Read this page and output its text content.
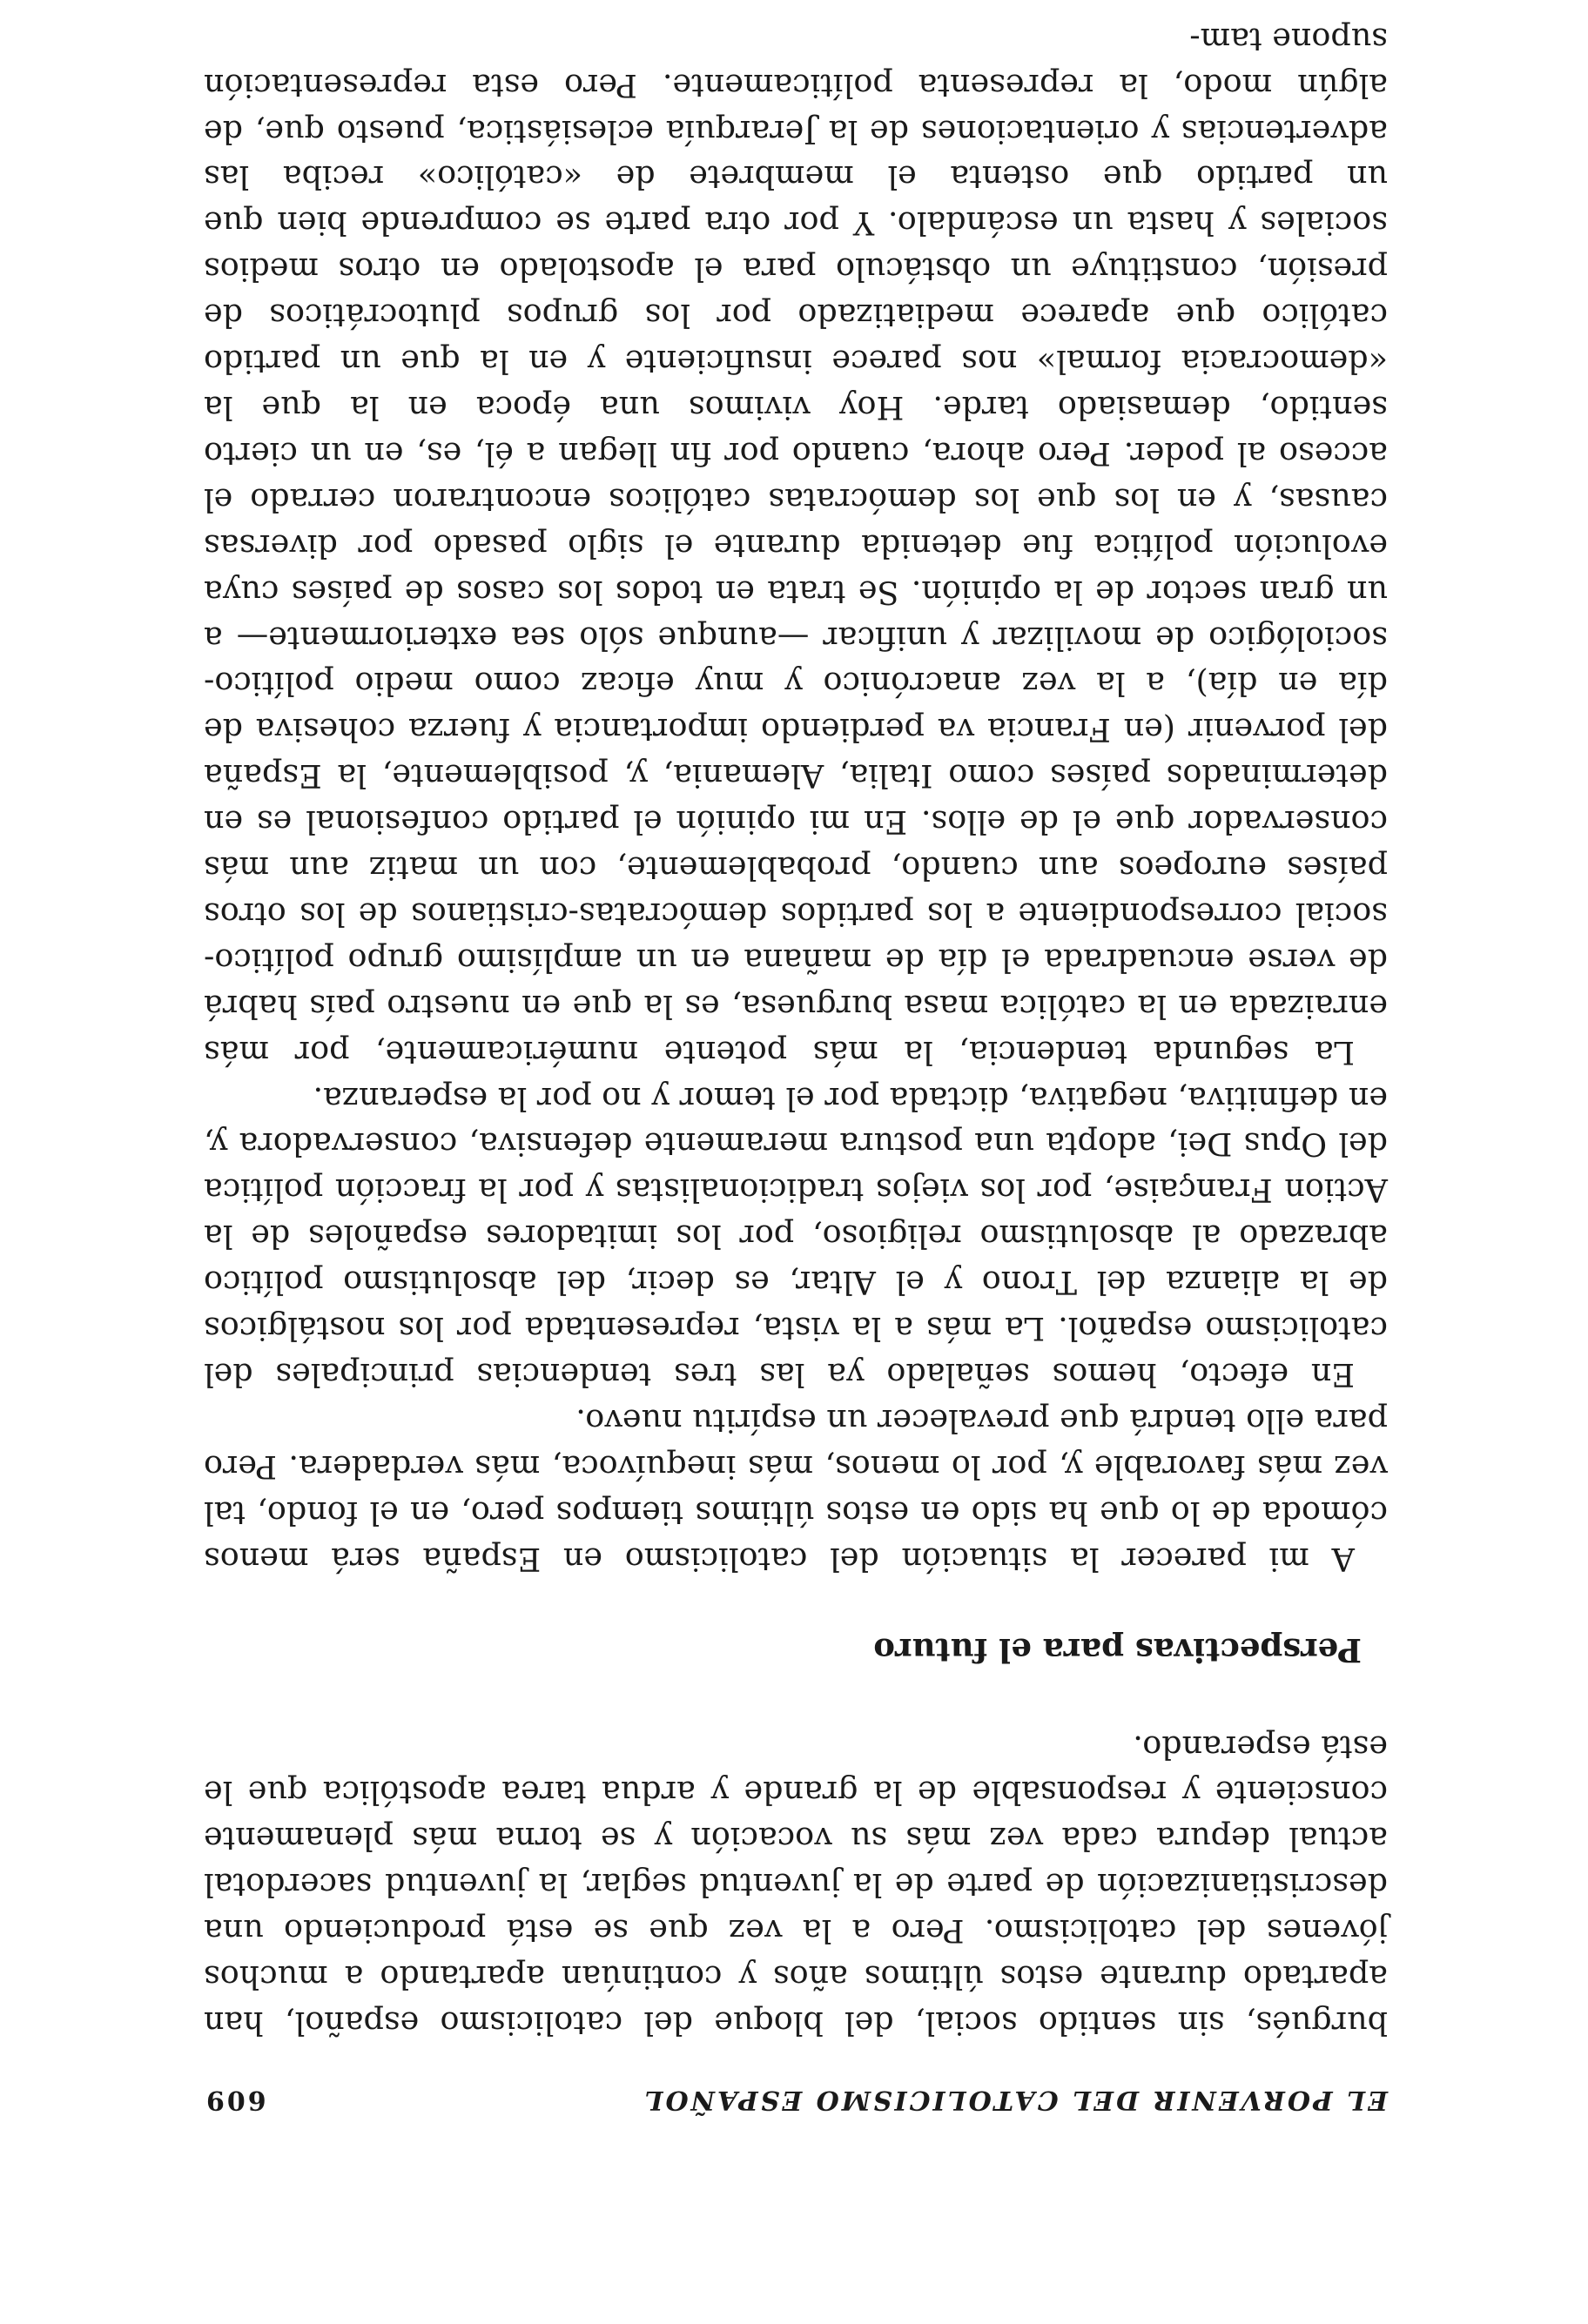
EL PORVENIR DEL CATOLICISMO ESPAÑOL
609

burgués, sin sentido social, del bloque del catolicismo español, han apartado durante estos últimos años y continúan apartando a muchos jóvenes del catolicismo. Pero a la vez que se está produciendo una descristianización de parte de la juventud seglar, la juventud sacerdotal actual depura cada vez más su vocación y se torna más plenamente consciente y responsable de la grande y ardua tarea apostólica que le está esperando.

Perspectivas para el futuro

A mi parecer la situación del catolicismo en España será menos cómoda de lo que ha sido en estos últimos tiempos pero, en el fondo, tal vez más favorable y, por lo menos, más inequívoca, más verdadera. Pero para ello tendrá que prevalecer un espíritu nuevo.

En efecto, hemos señalado ya las tres tendencias principales del catolicismo español. La más a la vista, representada por los nostálgicos de la alianza del Trono y el Altar, es decir, del absolutismo político abrazado al absolutismo religioso, por los imitadores españoles de la Action Française, por los viejos tradicionalistas y por la fracción política del Opus Dei, adopta una postura meramente defensiva, conservadora y, en definitiva, negativa, dictada por el temor y no por la esperanza.

La segunda tendencia, la más potente numéricamente, por más enraizada en la católica masa burguesa, es la que en nuestro país habrá de verse encuadrada el día de mañana en un amplísimo grupo político-social correspondiente a los partidos demócratas-cristianos de los otros países europeos aun cuando, probablemente, con un matiz aun más conservador que el de ellos. En mi opinión el partido confesional es en determinados países como Italia, Alemania, y, posiblemente, la España del porvenir (en Francia va perdiendo importancia y fuerza cohesiva de día en día), a la vez anacrónico y muy eficaz como medio político-sociológico de movilizar y unificar —aunque sólo sea exteriormente— a un gran sector de la opinión. Se trata en todos los casos de países cuya evolución política fue detenida durante el siglo pasado por diversas causas, y en los que los demócratas católicos encontraron cerrado el acceso al poder. Pero ahora, cuando por fin llegan a él, es, en un cierto sentido, demasiado tarde. Hoy vivimos una época en la que la «democracia formal» nos parece insuficiente y en la que un partido católico que aparece mediatizado por los grupos plutocráticos de presión, constituye un obstáculo para el apostolado en otros medios sociales y hasta un escándalo. Y por otra parte se comprende bien que un partido que ostenta el membrete de «católico» reciba las advertencias y orientaciones de la Jerarquía eclesiástica, puesto que, de algún modo, la representa políticamente. Pero esta representación supone tam-
